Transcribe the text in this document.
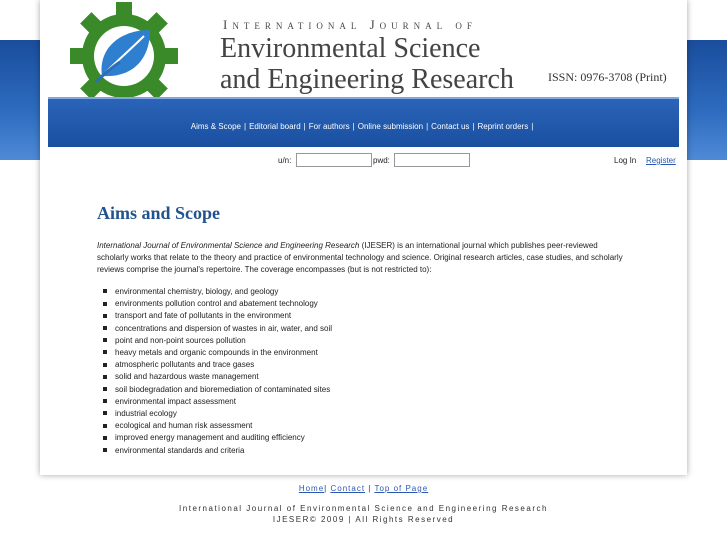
International Journal of
Environmental Science
and Engineering Research	ISSN: 0976-3708 (Print)
Aims & Scope | Editorial board | For authors | Online submission | Contact us | Reprint orders |
u/n:	pwd:	Log In Register
Aims and Scope

International Journal of Environmental Science and Engineering Research (IJESER) is an international journal which publishes peer-reviewed scholarly works that relate to the theory and practice of environmental technology and science. Original research articles, case studies, and scholarly reviews comprise the journal's repertoire. The coverage encompasses (but is not restricted to):

environmental chemistry, biology, and geology
environments pollution control and abatement technology
transport and fate of pollutants in the environment
concentrations and dispersion of wastes in air, water, and soil
point and non-point sources pollution
heavy metals and organic compounds in the environment
atmospheric pollutants and trace gases
solid and hazardous waste management
soil biodegradation and bioremediation of contaminated sites
environmental impact assessment
industrial ecology
ecological and human risk assessment
improved energy management and auditing efficiency
environmental standards and criteria
Home| Contact | Top of Page
International Journal of Environmental Science and Engineering Research
IJESER© 2009 | All Rights Reserved
